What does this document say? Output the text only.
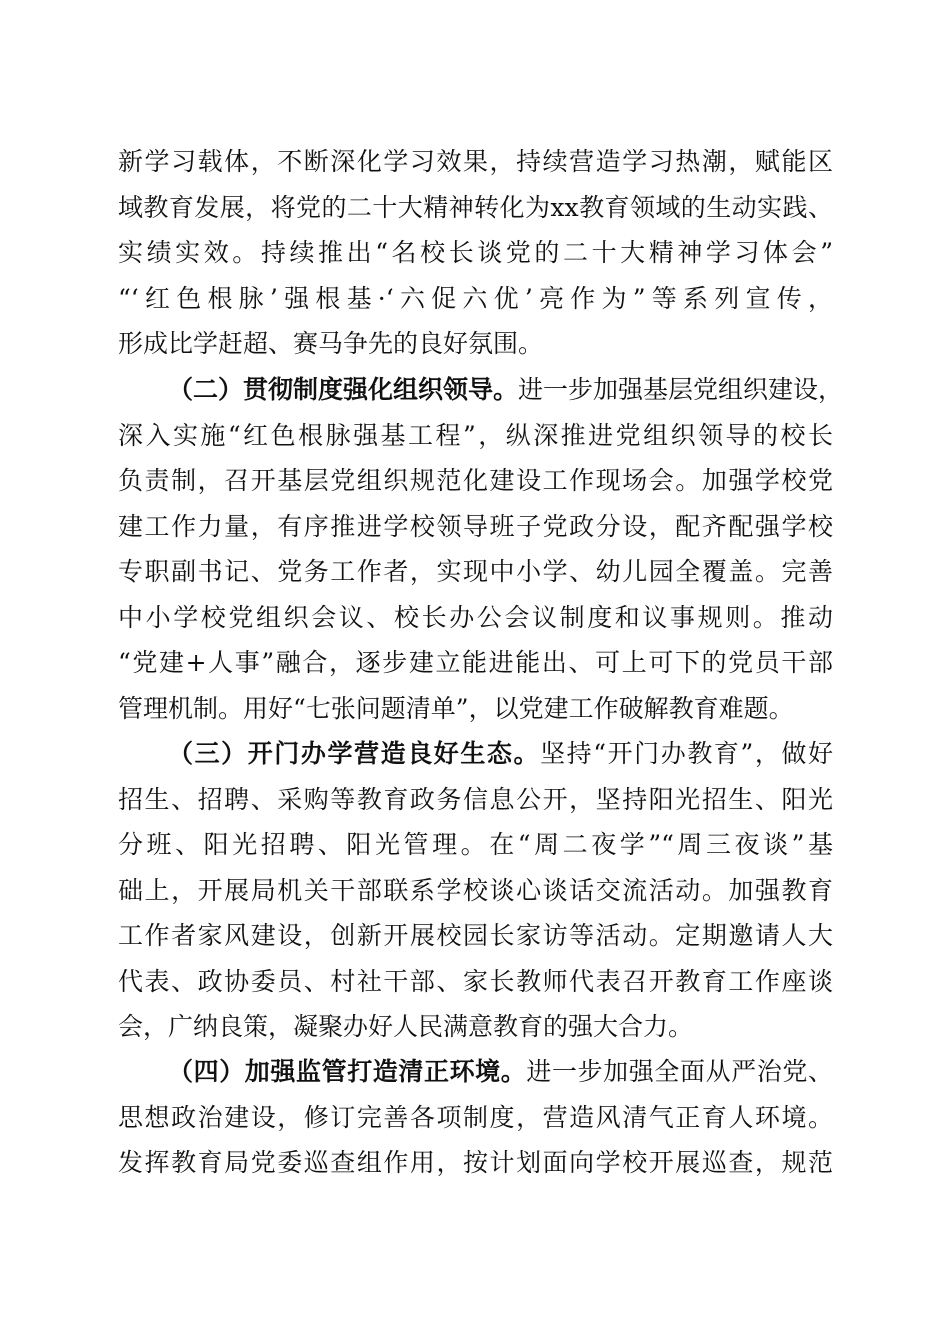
新学习载体，不断深化学习效果，持续营造学习热潮，赋能区
域教育发展，将党的二十大精神转化为xx教育领域的生动实践、
实绩实效。持续推出“名校长谈党的二十大精神学习体会”
“‘红色根脉’强根基·‘六促六优’亮作为”等系列宣传，
形成比学赶超、赛马争先的良好氛围。
（二）贯彻制度强化组织领导。进一步加强基层党组织建设，
深入实施“红色根脉强基工程”，纵深推进党组织领导的校长
负责制，召开基层党组织规范化建设工作现场会。加强学校党
建工作力量，有序推进学校领导班子党政分设，配齐配强学校
专职副书记、党务工作者，实现中小学、幼儿园全覆盖。完善
中小学校党组织会议、校长办公会议制度和议事规则。推动
“党建+人事”融合，逐步建立能进能出、可上可下的党员干部
管理机制。用好“七张问题清单”，以党建工作破解教育难题。
（三）开门办学营造良好生态。坚持“开门办教育”，做好
招生、招聘、采购等教育政务信息公开，坚持阳光招生、阳光
分班、阳光招聘、阳光管理。在“周二夜学”“周三夜谈”基
础上，开展局机关干部联系学校谈心谈话交流活动。加强教育
工作者家风建设，创新开展校园长家访等活动。定期邀请人大
代表、政协委员、村社干部、家长教师代表召开教育工作座谈
会，广纳良策，凝聚办好人民满意教育的强大合力。
（四）加强监管打造清正环境。进一步加强全面从严治党、
思想政治建设，修订完善各项制度，营造风清气正育人环境。
发挥教育局党委巡查组作用，按计划面向学校开展巡查，规范
